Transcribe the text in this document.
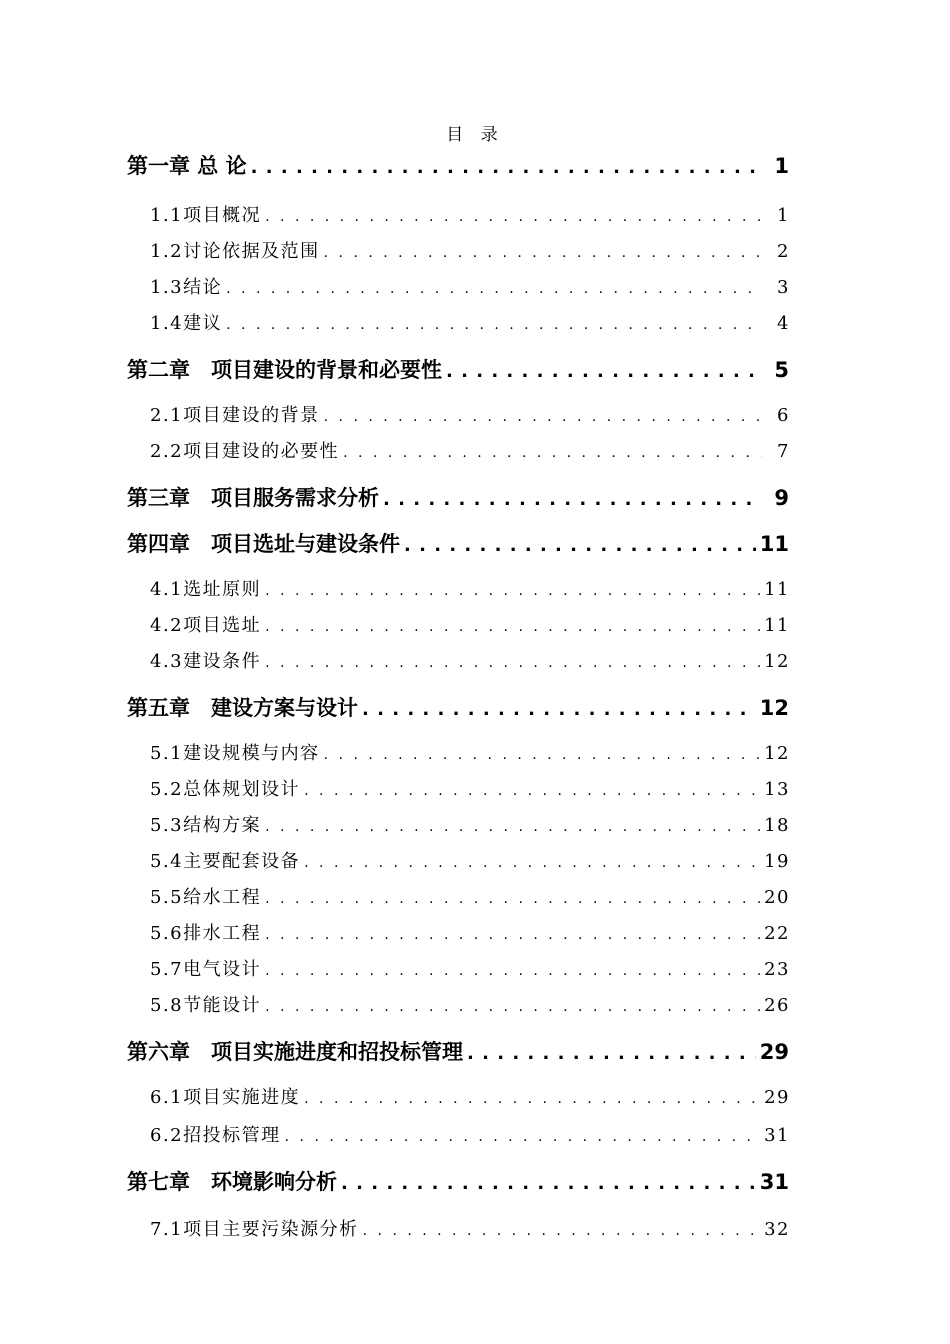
目 录
第一章 总 论 . . .	1
1.1项目概况 . . .	1
1.2讨论依据及范围 . . .	2
1.3结论 . . .	3
1.4建议 . . .	4
第二章　项目建设的背景和必要性 . . .	5
2.1项目建设的背景 . . .	6
2.2项目建设的必要性 . . .	7
第三章　项目服务需求分析 . . .	9
第四章　项目选址与建设条件 . . .	11
4.1选址原则 . . .	11
4.2项目选址 . . .	11
4.3建设条件 . . .	12
第五章　建设方案与设计 . . .	12
5.1建设规模与内容 . . .	12
5.2总体规划设计 . . .	13
5.3结构方案 . . .	18
5.4主要配套设备 . . .	19
5.5给水工程 . . .	20
5.6排水工程 . . .	22
5.7电气设计 . . .	23
5.8节能设计 . . .	26
第六章　项目实施进度和招投标管理 . . .	29
6.1项目实施进度 . . .	29
6.2招投标管理 . . .	31
第七章　环境影响分析 . . .	31
7.1项目主要污染源分析 . . .	32
